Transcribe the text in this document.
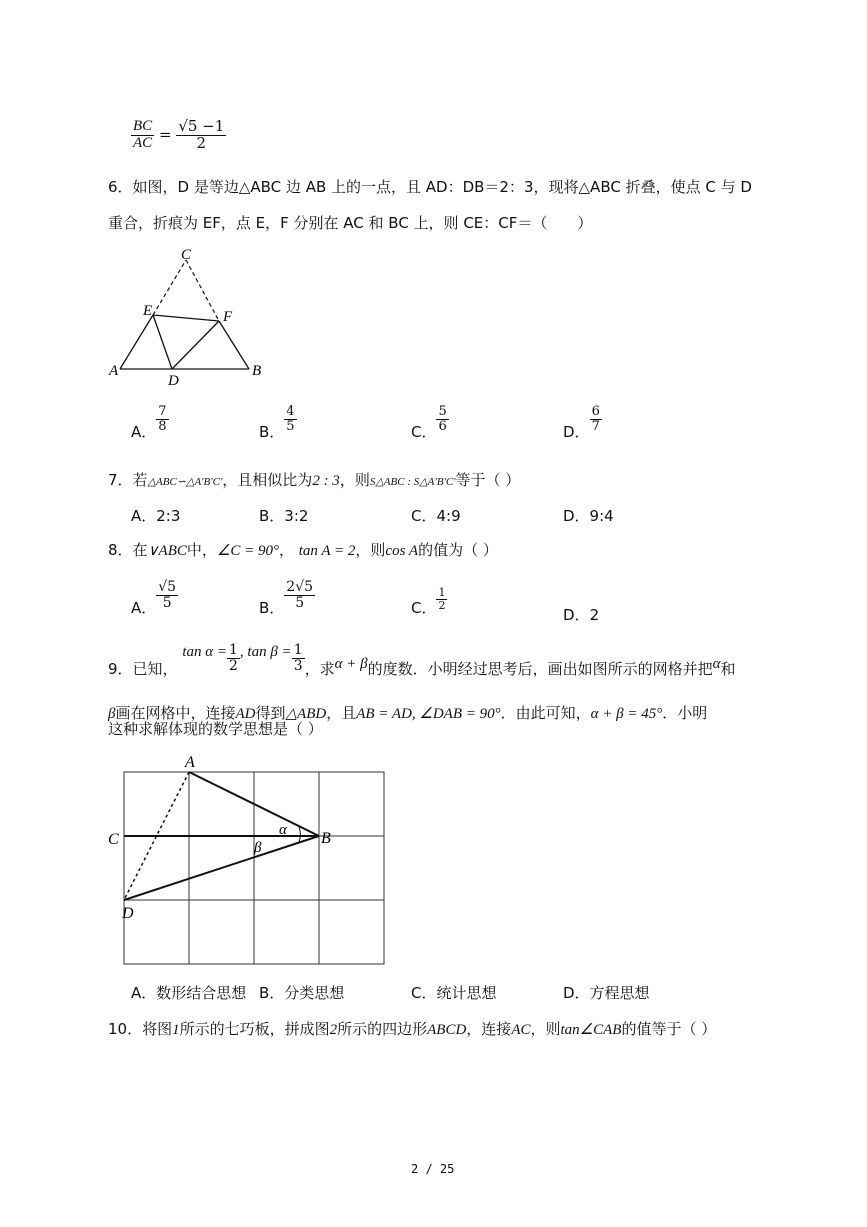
$\frac{BC}{AC} = \frac{√5 -1}{2}$
6．如图，D 是等边△ABC 边 AB 上的一点，且 AD：DB＝2：3，现将△ABC 折叠，使点 C 与 D
重合，折痕为 EF，点 E，F 分别在 AC 和 BC 上，则 CE：CF＝（　　）
C
E	F
A
D
B
A． $\frac{7}{8}$	B． $\frac{4}{5}$	C． $\frac{5}{6}$	D． $\frac{6}{7}$
7．若△ABC∽△A'B'C'，且相似比为2 : 3，则S△ABC : S△A'B'C'等于（ ）
A．2:3	B．3:2	C．4:9	D．9:4
8．在∨ABC中，∠C = 90°， tan A = 2，则cos A的值为（ ）
A． $\frac{√5}{5}$	B． $\frac{2√5}{5}$	C． $\frac{1}{2}$
D．2
9．已知， $\tan \alpha = \frac{1}{2}$ , $\tan \beta = \frac{1}{3}$ ，求α + β的度数．小明经过思考后，画出如图所示的网格并把α和
β画在网格中，连接AD得到△ABD，且AB = AD, ∠DAB = 90°．由此可知，α + β = 45°．小明
这种求解体现的数学思想是（ ）
A
C	B
D
α
β
A．数形结合思想 B．分类思想	C．统计思想	D．方程思想
10．将图1所示的七巧板，拼成图2所示的四边形ABCD，连接AC，则tan∠CAB的值等于（ ）
2 / 25
